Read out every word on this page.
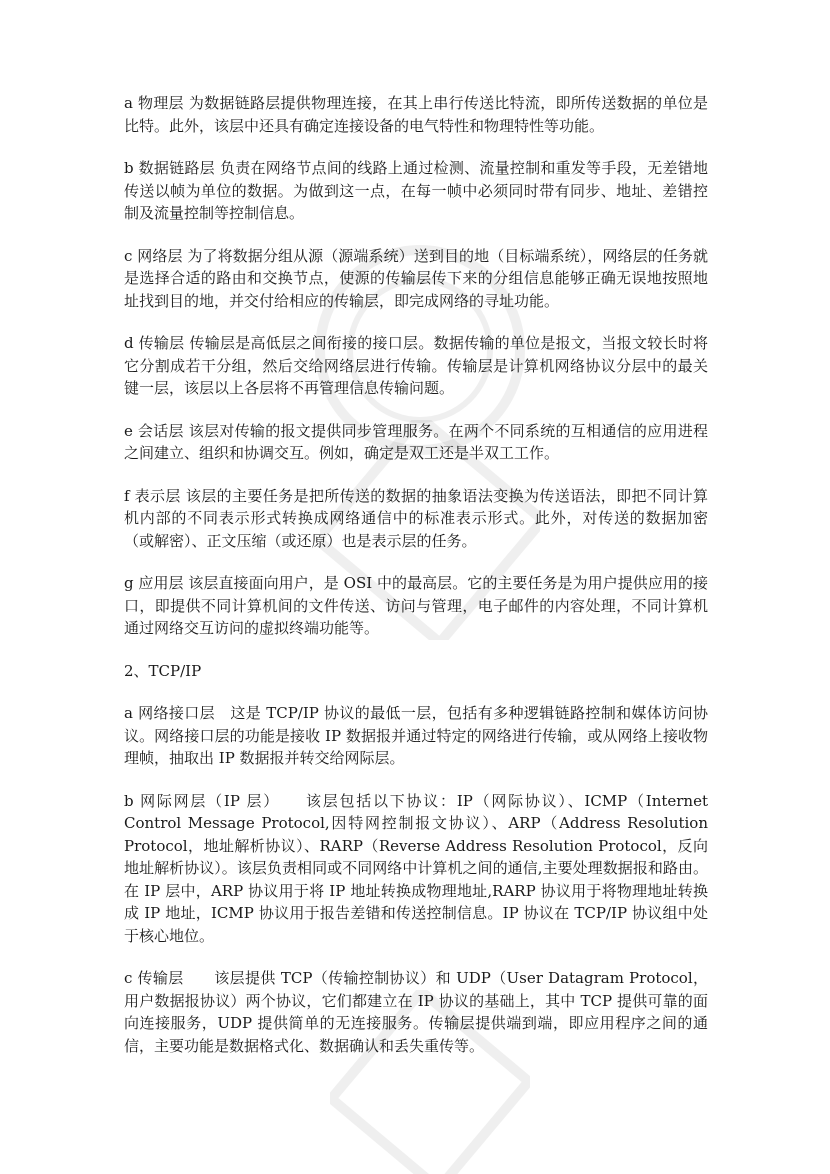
a 物理层 为数据链路层提供物理连接，在其上串行传送比特流，即所传送数据的单位是比特。此外，该层中还具有确定连接设备的电气特性和物理特性等功能。

b 数据链路层 负责在网络节点间的线路上通过检测、流量控制和重发等手段，无差错地传送以帧为单位的数据。为做到这一点，在每一帧中必须同时带有同步、地址、差错控制及流量控制等控制信息。

c 网络层 为了将数据分组从源（源端系统）送到目的地（目标端系统），网络层的任务就是选择合适的路由和交换节点，使源的传输层传下来的分组信息能够正确无误地按照地址找到目的地，并交付给相应的传输层，即完成网络的寻址功能。

d 传输层 传输层是高低层之间衔接的接口层。数据传输的单位是报文，当报文较长时将它分割成若干分组，然后交给网络层进行传输。传输层是计算机网络协议分层中的最关键一层，该层以上各层将不再管理信息传输问题。

e 会话层 该层对传输的报文提供同步管理服务。在两个不同系统的互相通信的应用进程之间建立、组织和协调交互。例如，确定是双工还是半双工工作。

f 表示层 该层的主要任务是把所传送的数据的抽象语法变换为传送语法，即把不同计算机内部的不同表示形式转换成网络通信中的标准表示形式。此外，对传送的数据加密（或解密）、正文压缩（或还原）也是表示层的任务。

g 应用层 该层直接面向用户，是 OSI 中的最高层。它的主要任务是为用户提供应用的接口，即提供不同计算机间的文件传送、访问与管理，电子邮件的内容处理，不同计算机通过网络交互访问的虚拟终端功能等。

2、TCP/IP

a 网络接口层　这是 TCP/IP 协议的最低一层，包括有多种逻辑链路控制和媒体访问协议。网络接口层的功能是接收 IP 数据报并通过特定的网络进行传输，或从网络上接收物理帧，抽取出 IP 数据报并转交给网际层。

b 网际网层（IP 层）　　该层包括以下协议：IP（网际协议）、ICMP（Internet Control Message Protocol,因特网控制报文协议）、ARP（Address Resolution Protocol，地址解析协议）、RARP（Reverse Address Resolution Protocol，反向地址解析协议）。该层负责相同或不同网络中计算机之间的通信,主要处理数据报和路由。在 IP 层中，ARP 协议用于将 IP 地址转换成物理地址,RARP 协议用于将物理地址转换成 IP 地址，ICMP 协议用于报告差错和传送控制信息。IP 协议在 TCP/IP 协议组中处于核心地位。

c 传输层　　该层提供 TCP（传输控制协议）和 UDP（User Datagram Protocol，用户数据报协议）两个协议，它们都建立在 IP 协议的基础上，其中 TCP 提供可靠的面向连接服务，UDP 提供简单的无连接服务。传输层提供端到端，即应用程序之间的通信，主要功能是数据格式化、数据确认和丢失重传等。
